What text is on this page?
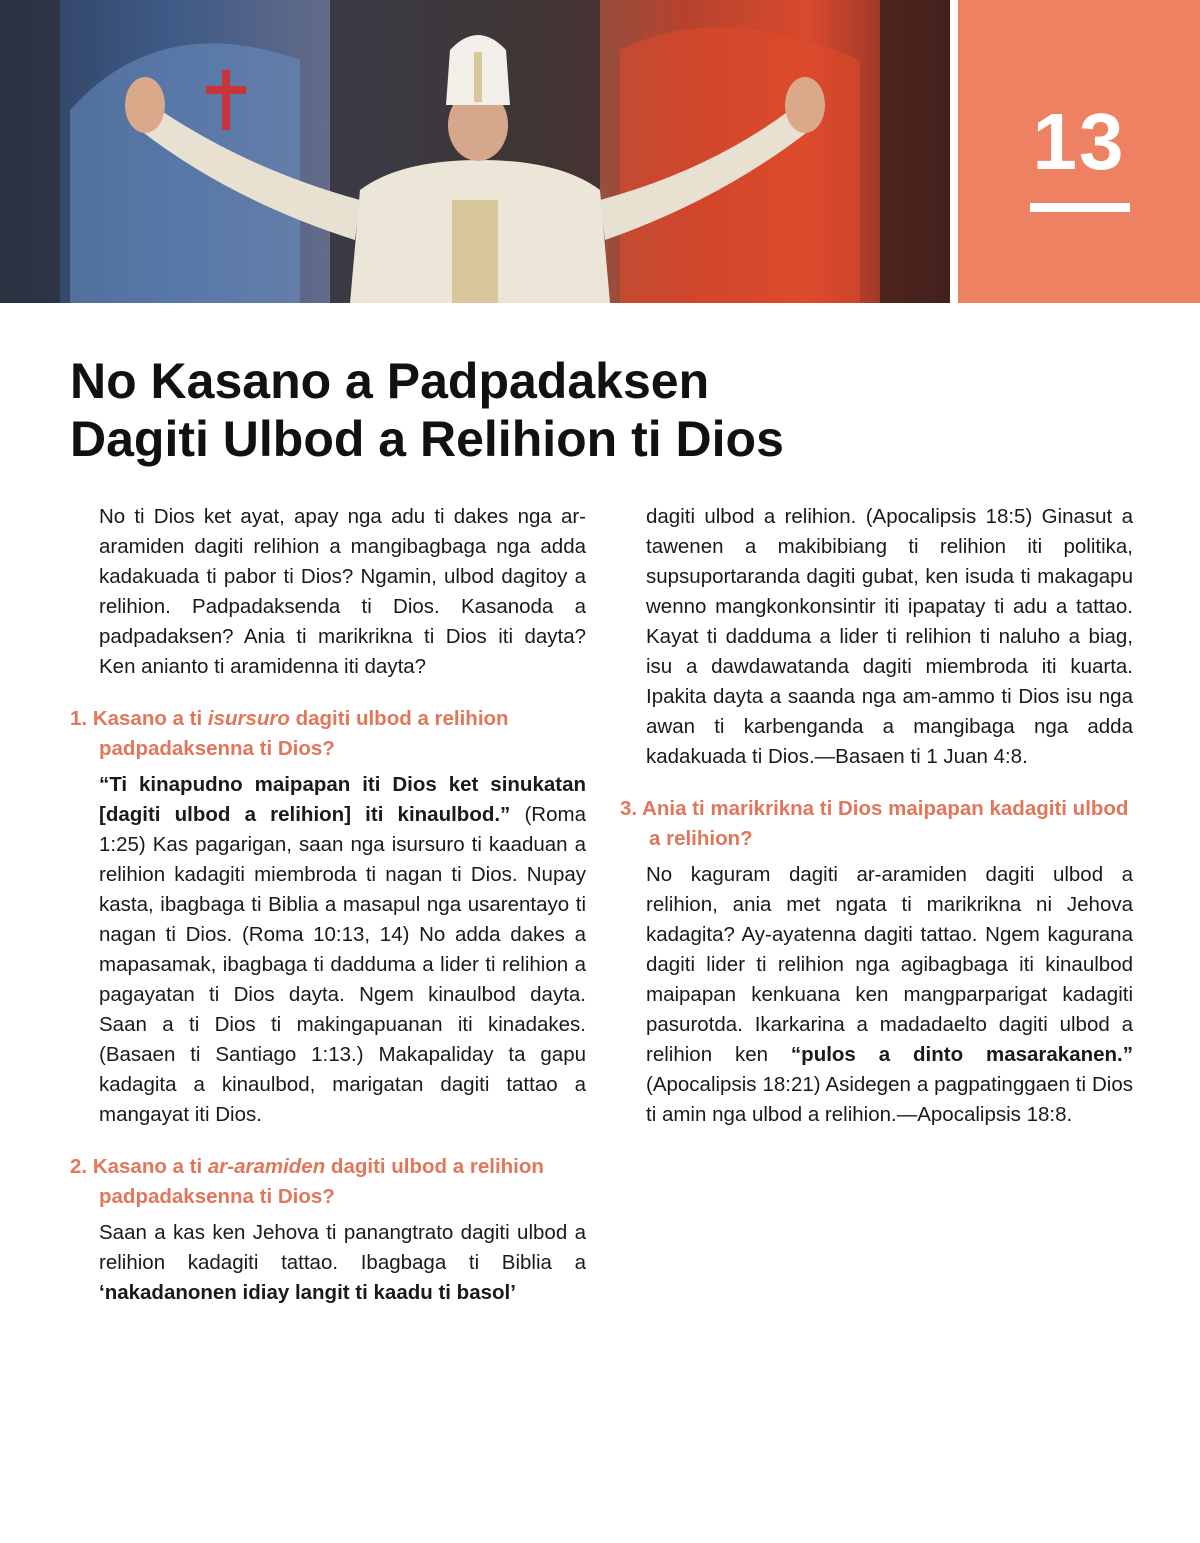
13
No Kasano a Padpadaksen
Dagiti Ulbod a Relihion ti Dios

No ti Dios ket ayat, apay nga adu ti dakes nga ar-aramiden dagiti relihion a mangibagbaga nga adda kadakuada ti pabor ti Dios? Ngamin, ulbod dagitoy a relihion. Padpadaksenda ti Dios. Kasanoda a padpadaksen? Ania ti marikrikna ti Dios iti dayta? Ken anianto ti aramidenna iti dayta?

1. Kasano a ti isursuro dagiti ulbod a relihion padpadaksenna ti Dios?

“Ti kinapudno maipapan iti Dios ket sinukatan [dagiti ulbod a relihion] iti kinaulbod.” (Roma 1:25) Kas pagarigan, saan nga isursuro ti kaaduan a relihion kadagiti miembroda ti nagan ti Dios. Nupay kasta, ibagbaga ti Biblia a masapul nga usarentayo ti nagan ti Dios. (Roma 10:13, 14) No adda dakes a mapasamak, ibagbaga ti dadduma a lider ti relihion a pagayatan ti Dios dayta. Ngem kinaulbod dayta. Saan a ti Dios ti makingapuanan iti kinadakes. (Basaen ti Santiago 1:13.) Makapaliday ta gapu kadagita a kinaulbod, marigatan dagiti tattao a mangayat iti Dios.

2. Kasano a ti ar-aramiden dagiti ulbod a relihion padpadaksenna ti Dios?

Saan a kas ken Jehova ti panangtrato dagiti ulbod a relihion kadagiti tattao. Ibagbaga ti Biblia a ‘nakadanonen idiay langit ti kaadu ti basol’

dagiti ulbod a relihion. (Apocalipsis 18:5) Ginasut a tawenen a makibibiang ti relihion iti politika, supsuportaranda dagiti gubat, ken isuda ti makagapu wenno mangkonkonsintir iti ipapatay ti adu a tattao. Kayat ti dadduma a lider ti relihion ti naluho a biag, isu a dawdawatanda dagiti miembroda iti kuarta. Ipakita dayta a saanda nga am-ammo ti Dios isu nga awan ti karbenganda a mangibaga nga adda kadakuada ti Dios.—Basaen ti 1 Juan 4:8.

3. Ania ti marikrikna ti Dios maipapan kadagiti ulbod a relihion?

No kaguram dagiti ar-aramiden dagiti ulbod a relihion, ania met ngata ti marikrikna ni Jehova kadagita? Ay-ayatenna dagiti tattao. Ngem kagurana dagiti lider ti relihion nga agibagbaga iti kinaulbod maipapan kenkuana ken mangparparigat kadagiti pasurotda. Ikarkarina a madadaelto dagiti ulbod a relihion ken “pulos a dinto masarakanen.” (Apocalipsis 18:21) Asidegen a pagpatinggaen ti Dios ti amin nga ulbod a relihion.—Apocalipsis 18:8.
